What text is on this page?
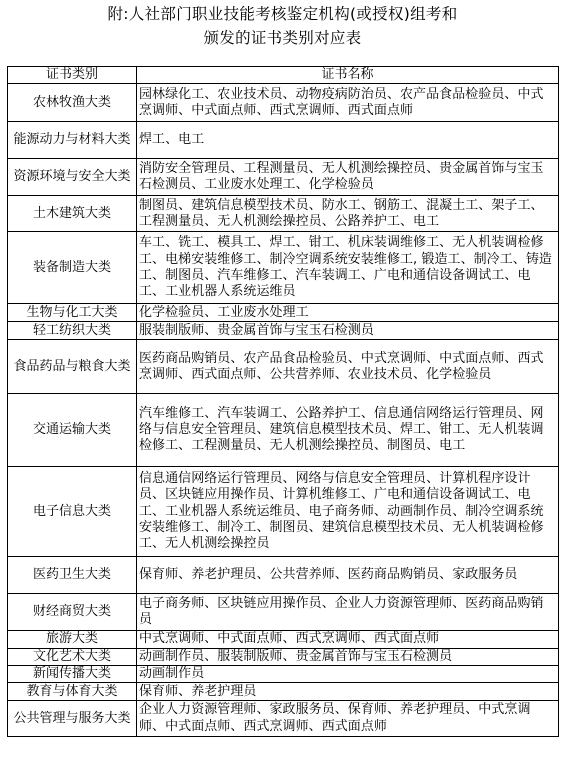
附:人社部门职业技能考核鉴定机构(或授权)组考和
颁发的证书类别对应表
证书类别	证书名称
农林牧渔大类	园林绿化工、农业技术员、动物疫病防治员、农产品食品检验员、中式烹调师、中式面点师、西式烹调师、西式面点师
能源动力与材料大类	焊工、电工
资源环境与安全大类	消防安全管理员、工程测量员、无人机测绘操控员、贵金属首饰与宝玉石检测员、工业废水处理工、化学检验员
土木建筑大类	制图员、建筑信息模型技术员、防水工、钢筋工、混凝土工、架子工、工程测量员、无人机测绘操控员、公路养护工、电工
装备制造大类	车工、铣工、模具工、焊工、钳工、机床装调维修工、无人机装调检修工、电梯安装维修工、制冷空调系统安装维修工, 锻造工、制冷工、铸造工、制图员、汽车维修工、汽车装调工、广电和通信设备调试工、电工、工业机器人系统运维员
生物与化工大类	化学检验员、工业废水处理工
轻工纺织大类	服装制版师、贵金属首饰与宝玉石检测员
食品药品与粮食大类	医药商品购销员、农产品食品检验员、中式烹调师、中式面点师、西式烹调师、西式面点师、公共营养师、农业技术员、化学检验员
交通运输大类	汽车维修工、汽车装调工、公路养护工、信息通信网络运行管理员、网络与信息安全管理员、建筑信息模型技术员、焊工、钳工、无人机装调检修工、工程测量员、无人机测绘操控员、制图员、电工
电子信息大类	信息通信网络运行管理员、网络与信息安全管理员、计算机程序设计员、区块链应用操作员、计算机维修工、广电和通信设备调试工、电工、工业机器人系统运维员、电子商务师、动画制作员、制冷空调系统安装维修工、制冷工、制图员、建筑信息模型技术员、无人机装调检修工、无人机测绘操控员
医药卫生大类	保育师、养老护理员、公共营养师、医药商品购销员、家政服务员
财经商贸大类	电子商务师、区块链应用操作员、企业人力资源管理师、医药商品购销员
旅游大类	中式烹调师、中式面点师、西式烹调师、西式面点师
文化艺术大类	动画制作员、服装制版师、贵金属首饰与宝玉石检测员
新闻传播大类	动画制作员
教育与体育大类	保育师、养老护理员
公共管理与服务大类	企业人力资源管理师、家政服务员、保育师、养老护理员、中式烹调师、中式面点师、西式烹调师、西式面点师
